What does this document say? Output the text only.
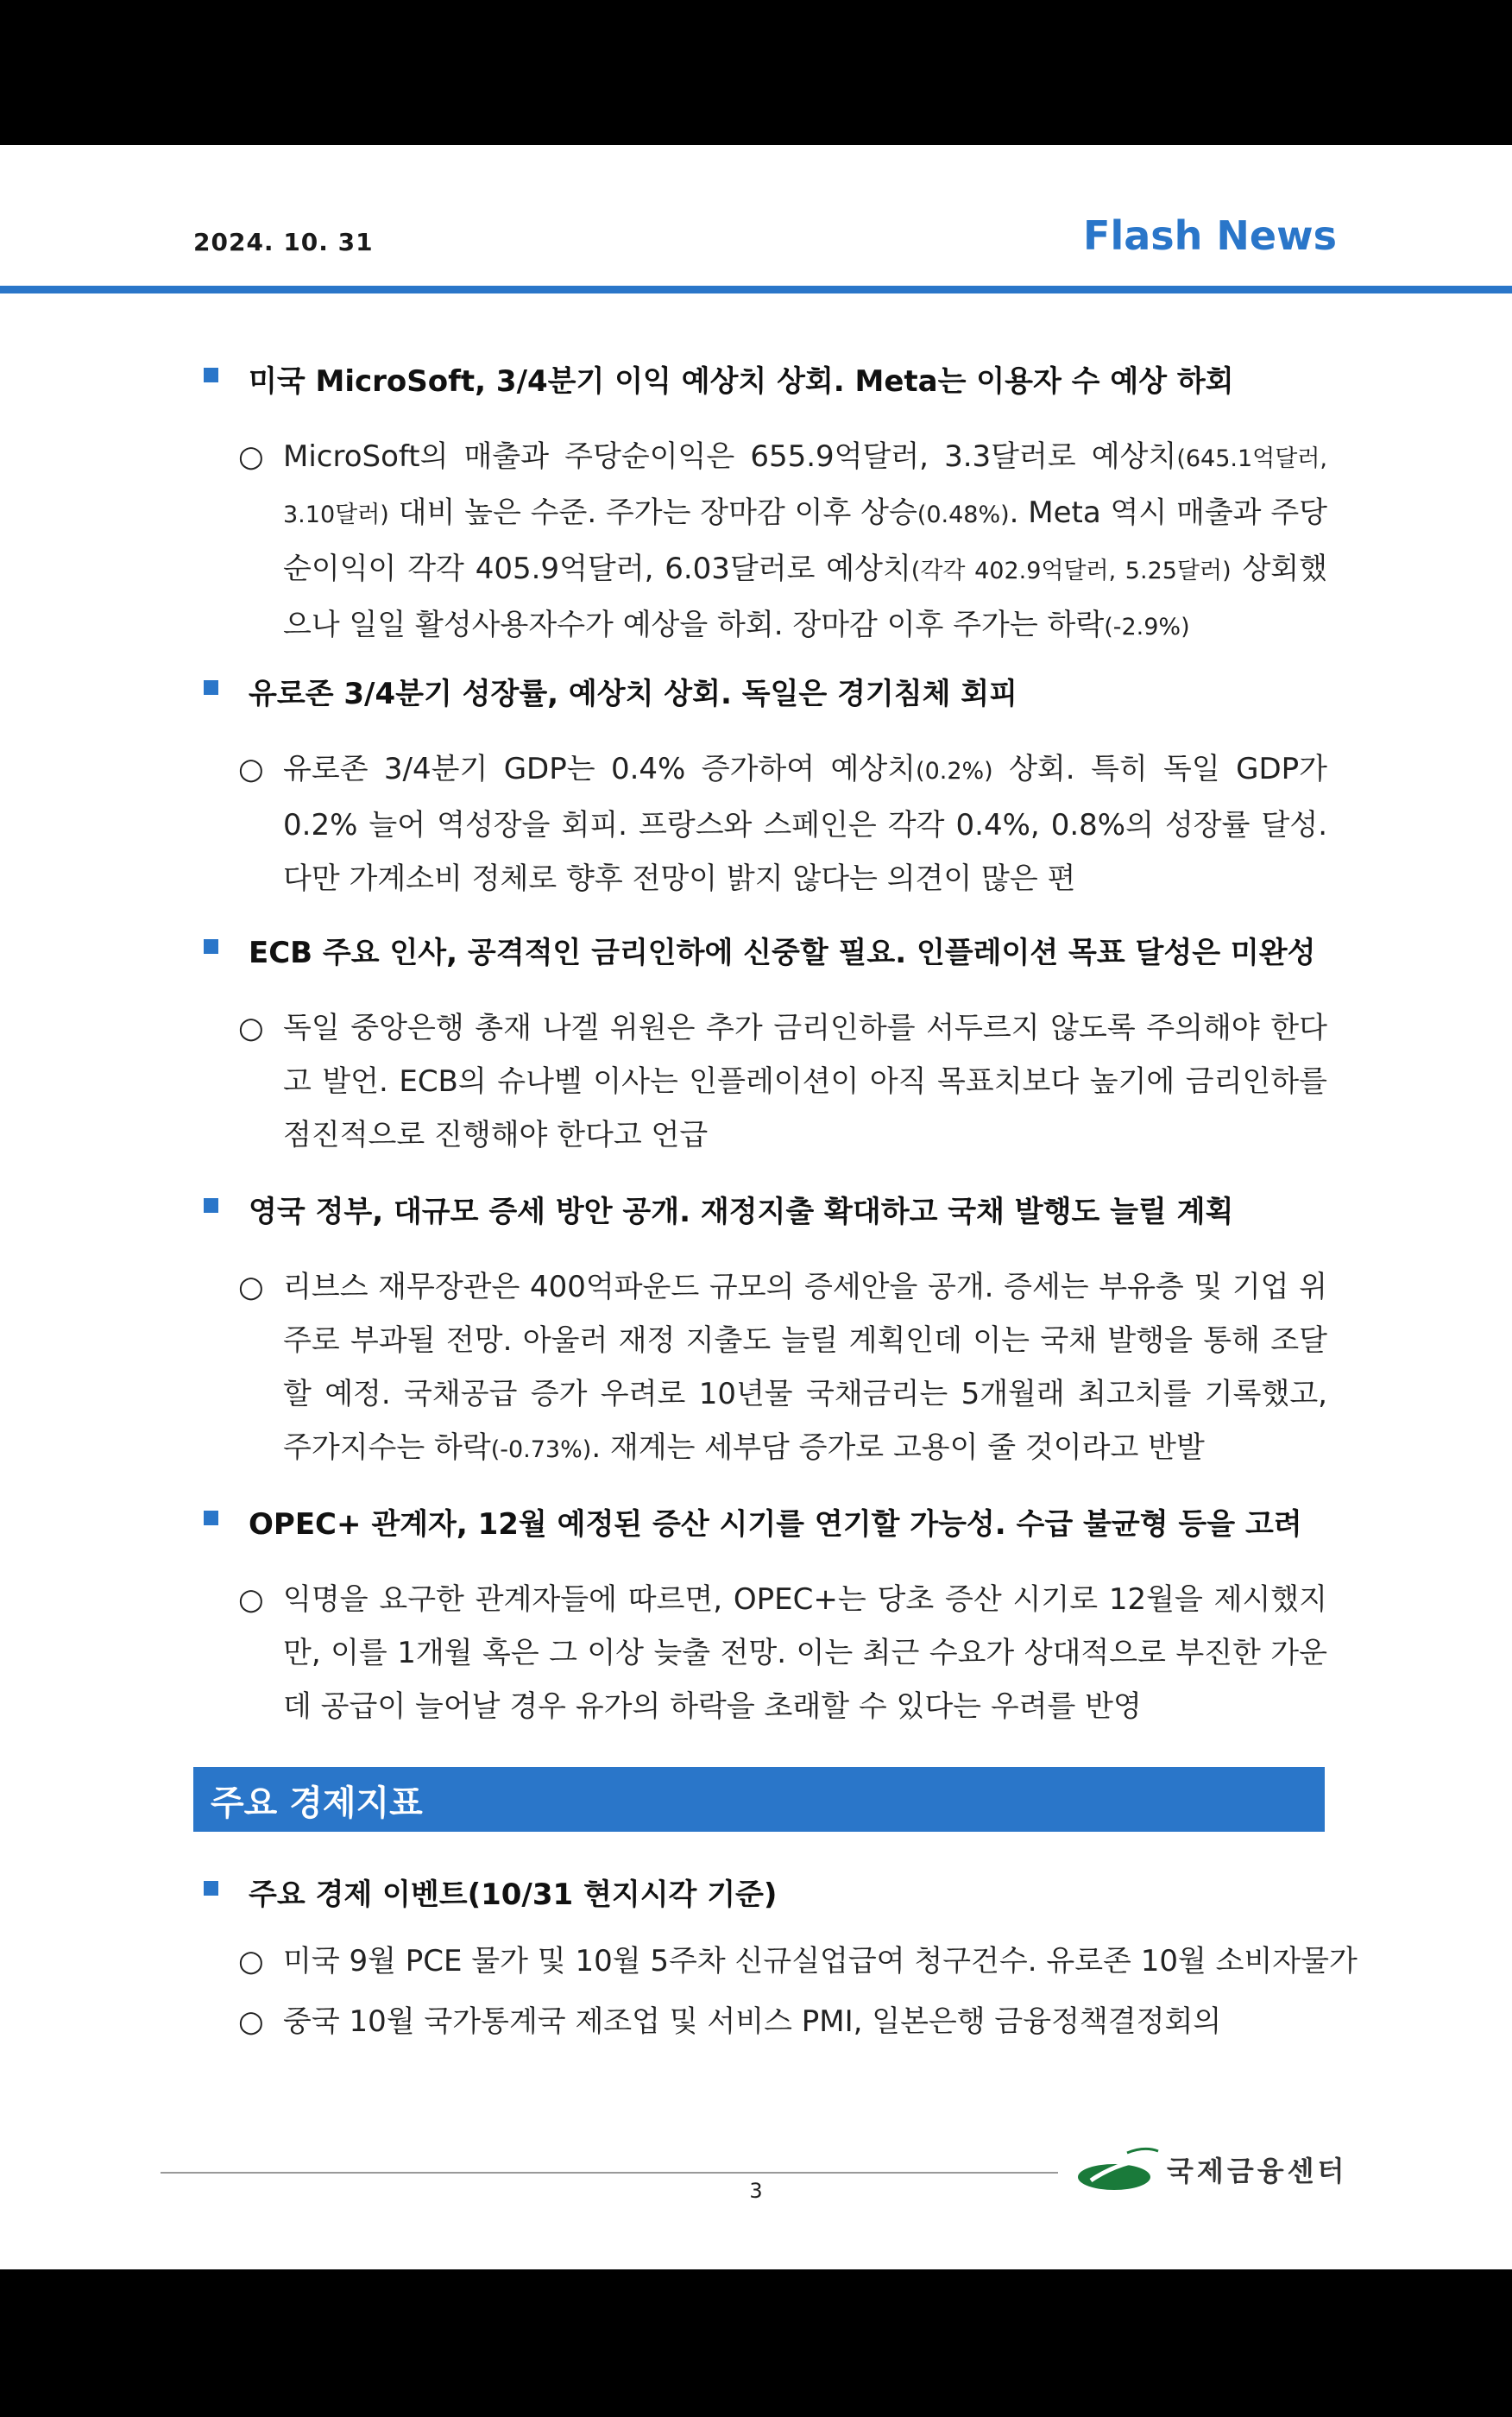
2024. 10. 31	Flash News
미국 MicroSoft, 3/4분기 이익 예상치 상회. Meta는 이용자 수 예상 하회
○ MicroSoft의 매출과 주당순이익은 655.9억달러, 3.3달러로 예상치(645.1억달러, 3.10달러) 대비 높은 수준. 주가는 장마감 이후 상승(0.48%). Meta 역시 매출과 주당순이익이 각각 405.9억달러, 6.03달러로 예상치(각각 402.9억달러, 5.25달러) 상회했으나 일일 활성사용자수가 예상을 하회. 장마감 이후 주가는 하락(-2.9%)
유로존 3/4분기 성장률, 예상치 상회. 독일은 경기침체 회피
○ 유로존 3/4분기 GDP는 0.4% 증가하여 예상치(0.2%) 상회. 특히 독일 GDP가 0.2% 늘어 역성장을 회피. 프랑스와 스페인은 각각 0.4%, 0.8%의 성장률 달성. 다만 가계소비 정체로 향후 전망이 밝지 않다는 의견이 많은 편
ECB 주요 인사, 공격적인 금리인하에 신중할 필요. 인플레이션 목표 달성은 미완성
○ 독일 중앙은행 총재 나겔 위원은 추가 금리인하를 서두르지 않도록 주의해야 한다고 발언. ECB의 슈나벨 이사는 인플레이션이 아직 목표치보다 높기에 금리인하를 점진적으로 진행해야 한다고 언급
영국 정부, 대규모 증세 방안 공개. 재정지출 확대하고 국채 발행도 늘릴 계획
○ 리브스 재무장관은 400억파운드 규모의 증세안을 공개. 증세는 부유층 및 기업 위주로 부과될 전망. 아울러 재정 지출도 늘릴 계획인데 이는 국채 발행을 통해 조달할 예정. 국채공급 증가 우려로 10년물 국채금리는 5개월래 최고치를 기록했고, 주가지수는 하락(-0.73%). 재계는 세부담 증가로 고용이 줄 것이라고 반발
OPEC+ 관계자, 12월 예정된 증산 시기를 연기할 가능성. 수급 불균형 등을 고려
○ 익명을 요구한 관계자들에 따르면, OPEC+는 당초 증산 시기로 12월을 제시했지만, 이를 1개월 혹은 그 이상 늦출 전망. 이는 최근 수요가 상대적으로 부진한 가운데 공급이 늘어날 경우 유가의 하락을 초래할 수 있다는 우려를 반영
주요 경제지표
주요 경제 이벤트(10/31 현지시각 기준)
○ 미국 9월 PCE 물가 및 10월 5주차 신규실업급여 청구건수. 유로존 10월 소비자물가
○ 중국 10월 국가통계국 제조업 및 서비스 PMI, 일본은행 금융정책결정회의
국제금융센터
3
